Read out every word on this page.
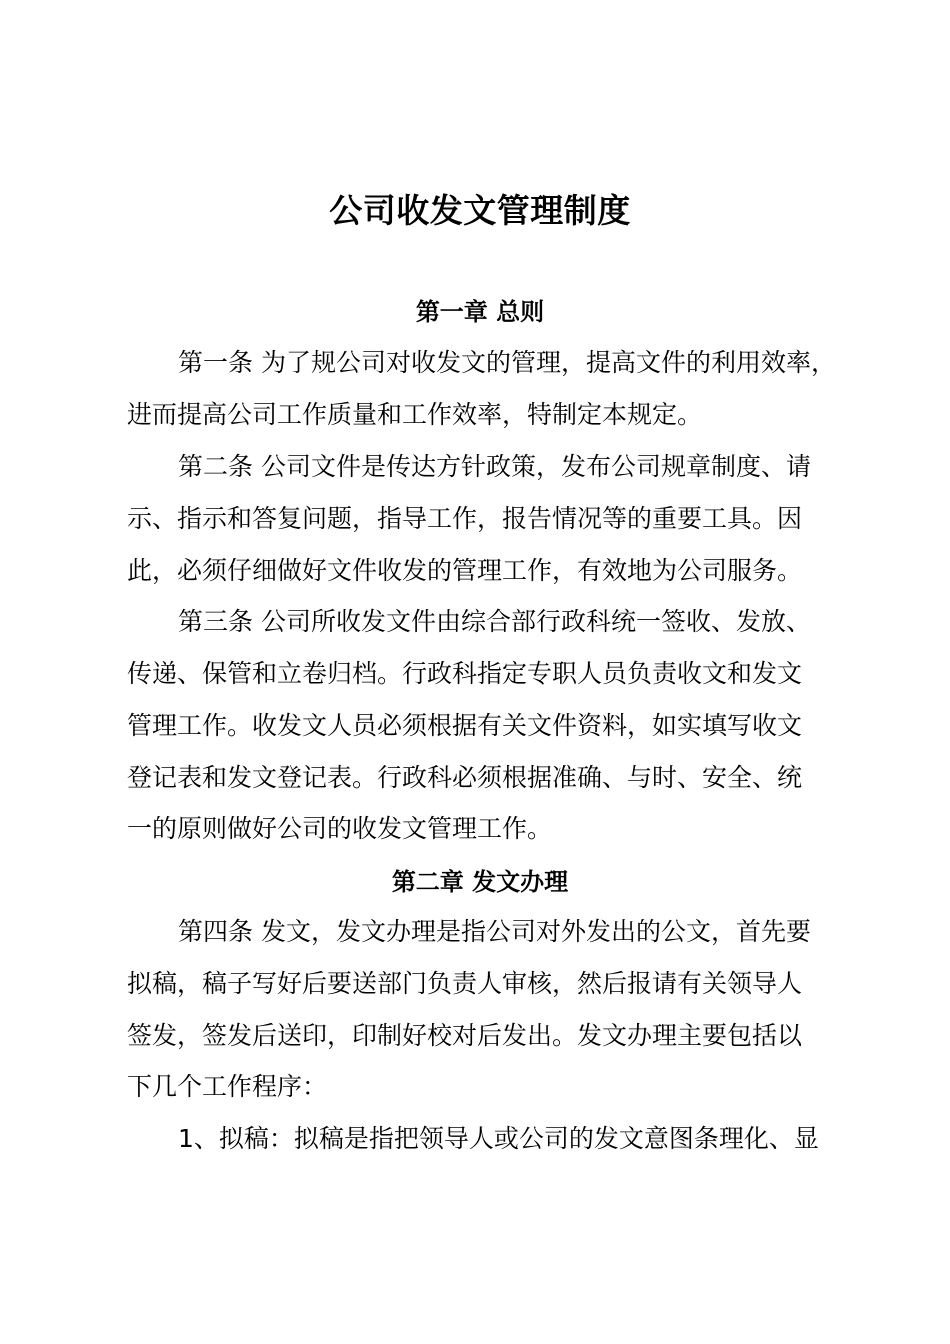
公司收发文管理制度
第一章 总则
第一条 为了规公司对收发文的管理，提高文件的利用效率，
进而提高公司工作质量和工作效率，特制定本规定。
第二条 公司文件是传达方针政策，发布公司规章制度、请
示、指示和答复问题，指导工作，报告情况等的重要工具。因
此，必须仔细做好文件收发的管理工作，有效地为公司服务。
第三条 公司所收发文件由综合部行政科统一签收、发放、
传递、保管和立卷归档。行政科指定专职人员负责收文和发文
管理工作。收发文人员必须根据有关文件资料，如实填写收文
登记表和发文登记表。行政科必须根据准确、与时、安全、统
一的原则做好公司的收发文管理工作。
第二章 发文办理
第四条 发文，发文办理是指公司对外发出的公文，首先要
拟稿，稿子写好后要送部门负责人审核，然后报请有关领导人
签发，签发后送印，印制好校对后发出。发文办理主要包括以
下几个工作程序：
1、拟稿：拟稿是指把领导人或公司的发文意图条理化、显
